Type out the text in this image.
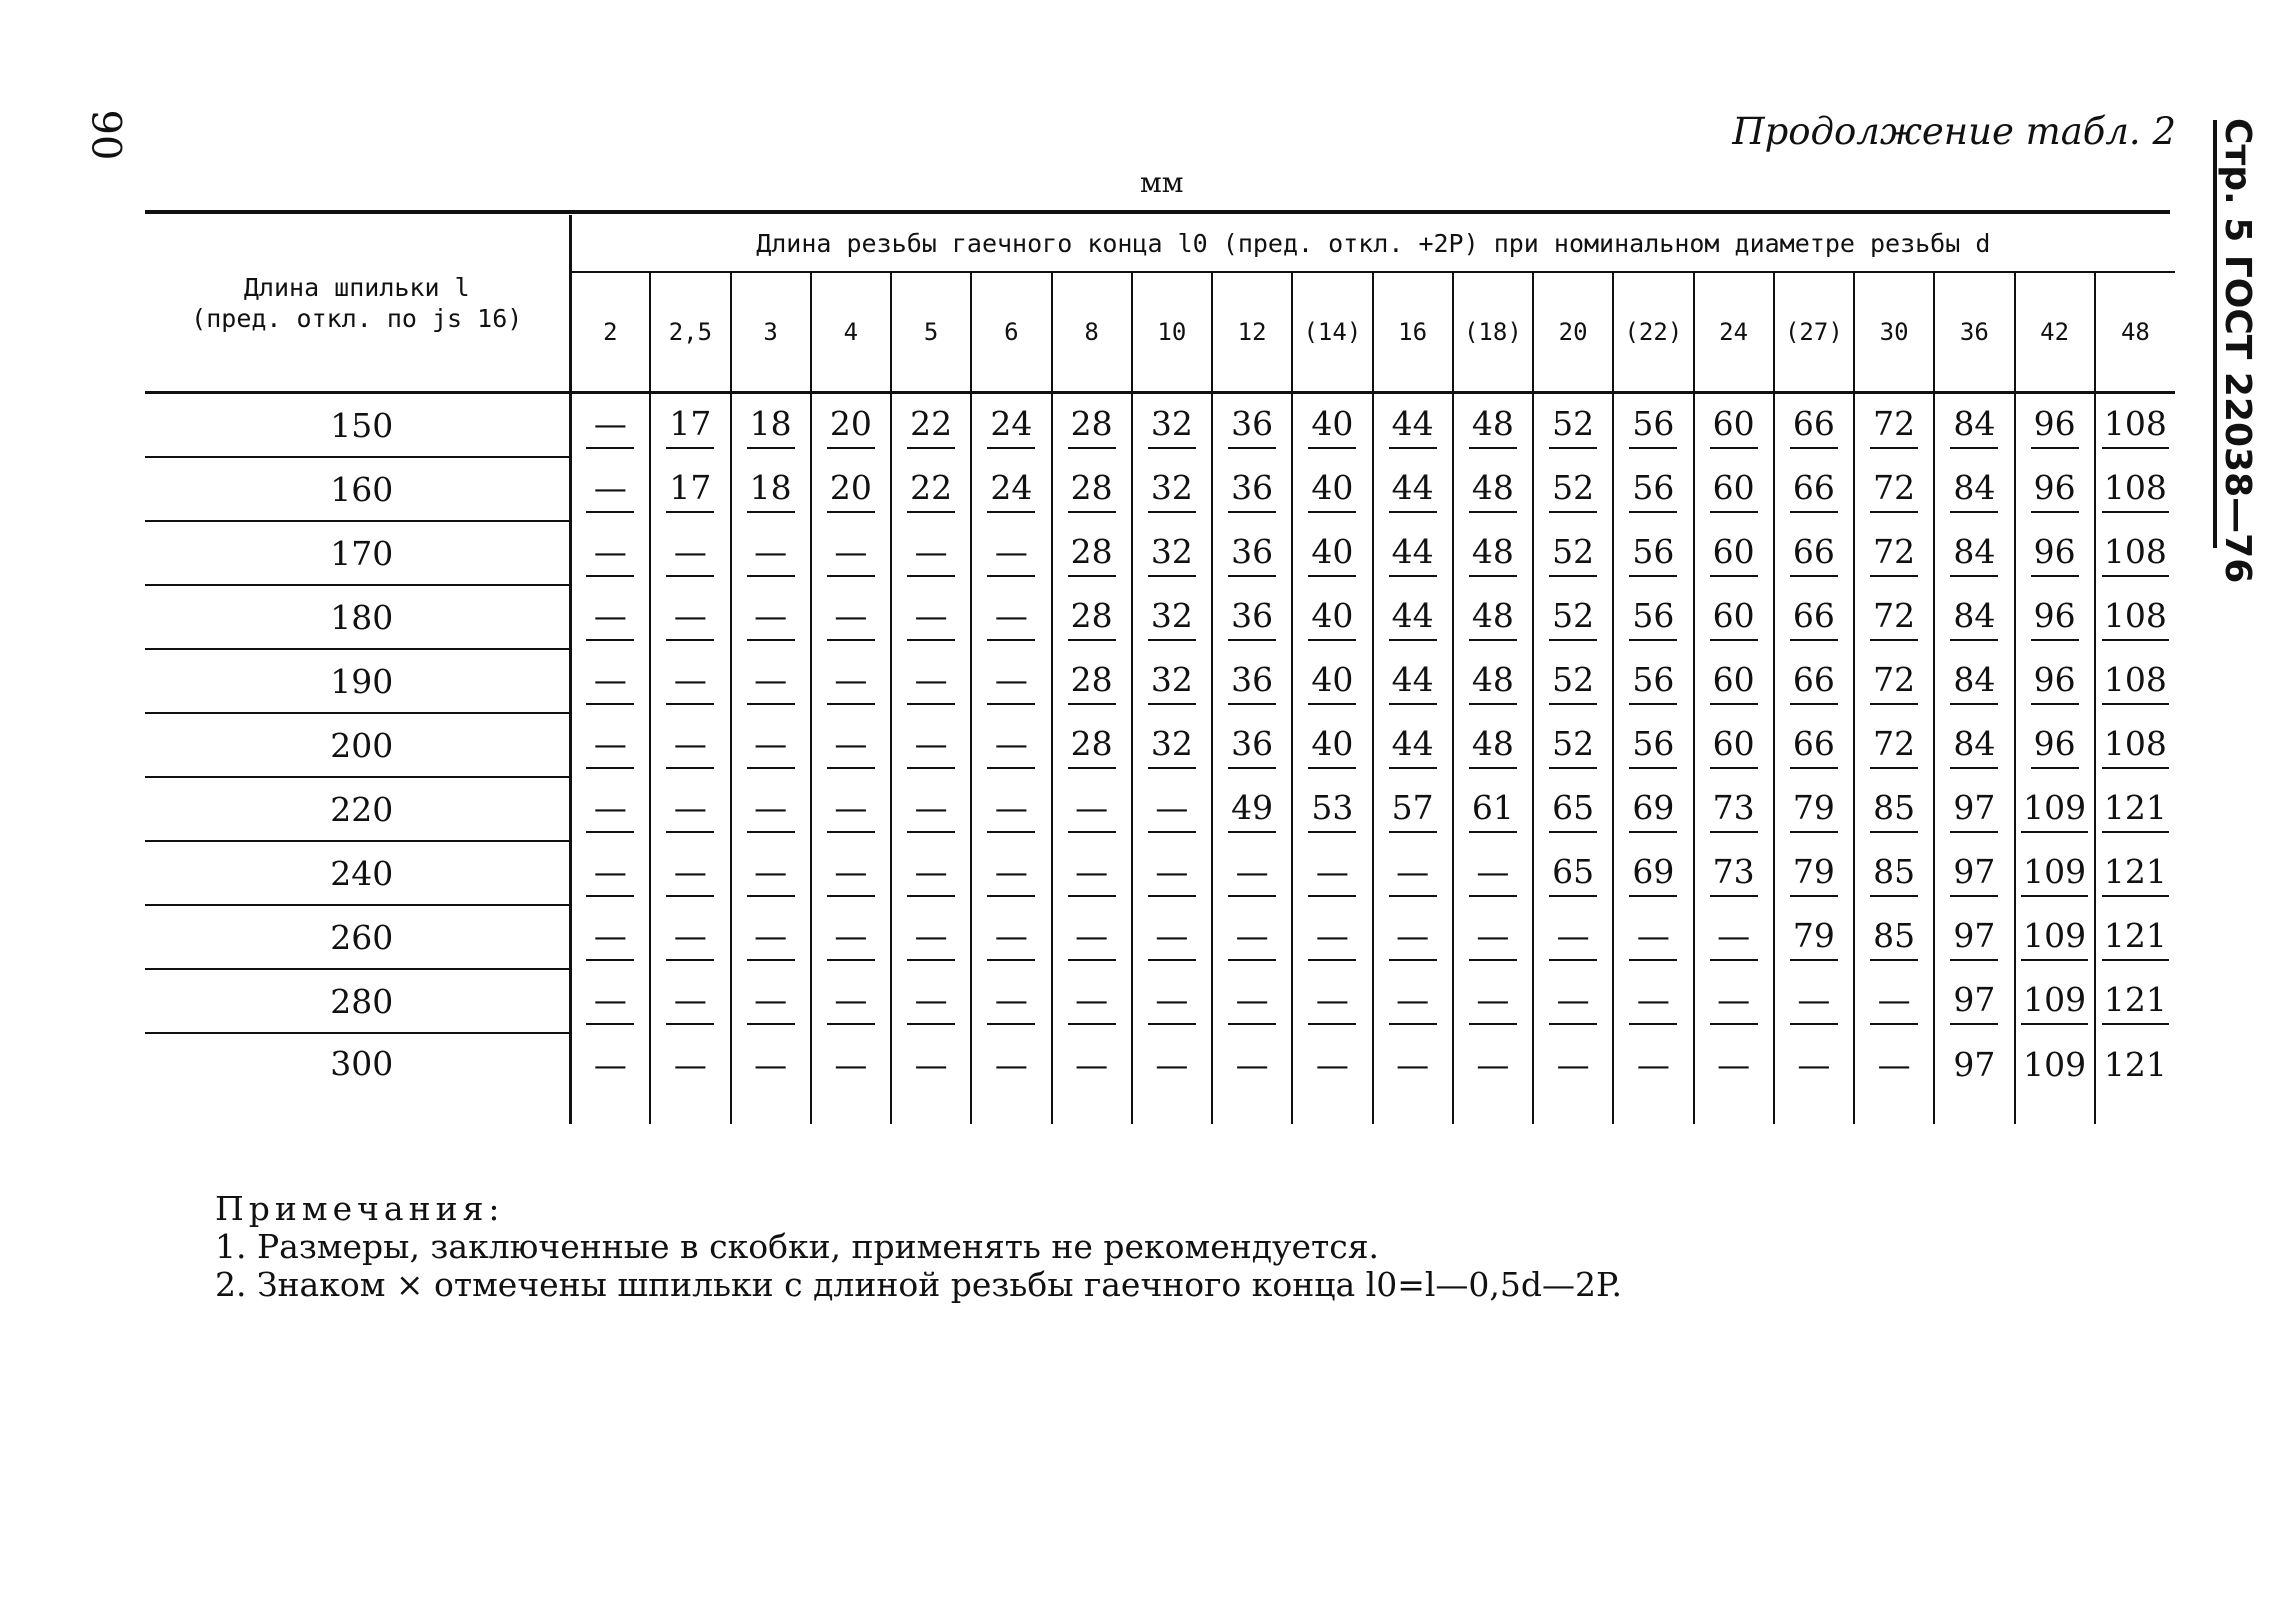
90	Стр. 5 ГОСТ 22038—76
Продолжение табл. 2
мм
Длина шпильки l
(пред. откл. по js 16)	Длина резьбы гаечного конца l0 (пред. откл. +2P) при номинальном диаметре резьбы d																			
	2	2,5	3	4	5	6	8	10	12	(14)	16	(18)	20	(22)	24	(27)	30	36	42	48
150	—	17	18	20	22	24	28	32	36	40	44	48	52	56	60	66	72	84	96	108
160	—	17	18	20	22	24	28	32	36	40	44	48	52	56	60	66	72	84	96	108
170	—	—	—	—	—	—	28	32	36	40	44	48	52	56	60	66	72	84	96	108
180	—	—	—	—	—	—	28	32	36	40	44	48	52	56	60	66	72	84	96	108
190	—	—	—	—	—	—	28	32	36	40	44	48	52	56	60	66	72	84	96	108
200	—	—	—	—	—	—	28	32	36	40	44	48	52	56	60	66	72	84	96	108
220	—	—	—	—	—	—	—	—	49	53	57	61	65	69	73	79	85	97	109	121
240	—	—	—	—	—	—	—	—	—	—	—	—	65	69	73	79	85	97	109	121
260	—	—	—	—	—	—	—	—	—	—	—	—	—	—	—	79	85	97	109	121
280	—	—	—	—	—	—	—	—	—	—	—	—	—	—	—	—	—	97	109	121
300	—	—	—	—	—	—	—	—	—	—	—	—	—	—	—	—	—	97	109	121
Примечания:
1. Размеры, заключенные в скобки, применять не рекомендуется.
2. Знаком × отмечены шпильки с длиной резьбы гаечного конца l0=l—0,5d—2P.
